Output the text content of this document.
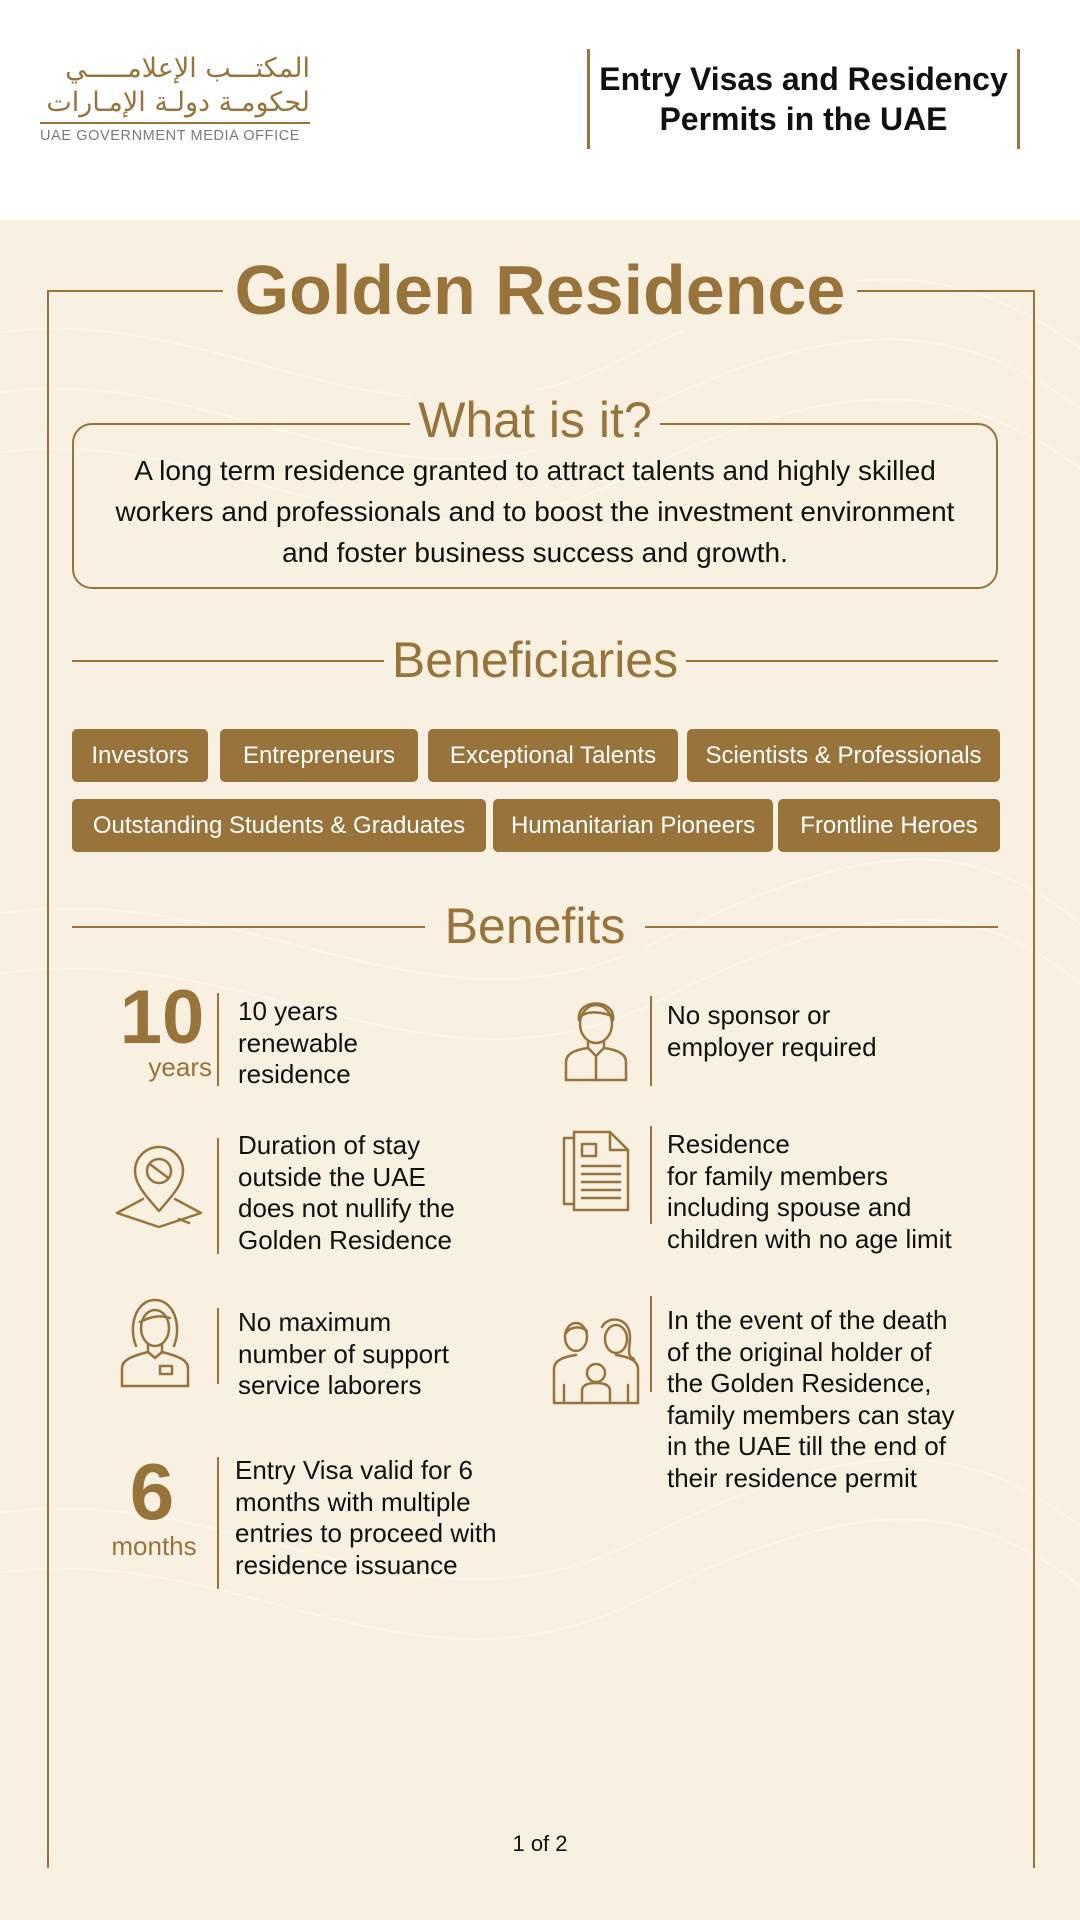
المكتـــب الإعلامـــــي
لحكومـة دولـة الإمـارات
UAE GOVERNMENT MEDIA OFFICE
Entry Visas and Residency
Permits in the UAE
Golden Residence
A long term residence granted to attract talents and highly skilled workers and professionals and to boost the investment environment and foster business success and growth.
What is it?
Beneficiaries
Investors	Entrepreneurs	Exceptional Talents	Scientists & Professionals
Outstanding Students & Graduates	Humanitarian Pioneers	Frontline Heroes
Benefits
10
years
10 years
renewable
residence
No sponsor or
employer required
Duration of stay
outside the UAE
does not nullify the
Golden Residence
Residence
for family members
including spouse and
children with no age limit
No maximum
number of support
service laborers
In the event of the death
of the original holder of
the Golden Residence,
family members can stay
in the UAE till the end of
their residence permit
6
months
Entry Visa valid for 6
months with multiple
entries to proceed with
residence issuance
1 of 2
